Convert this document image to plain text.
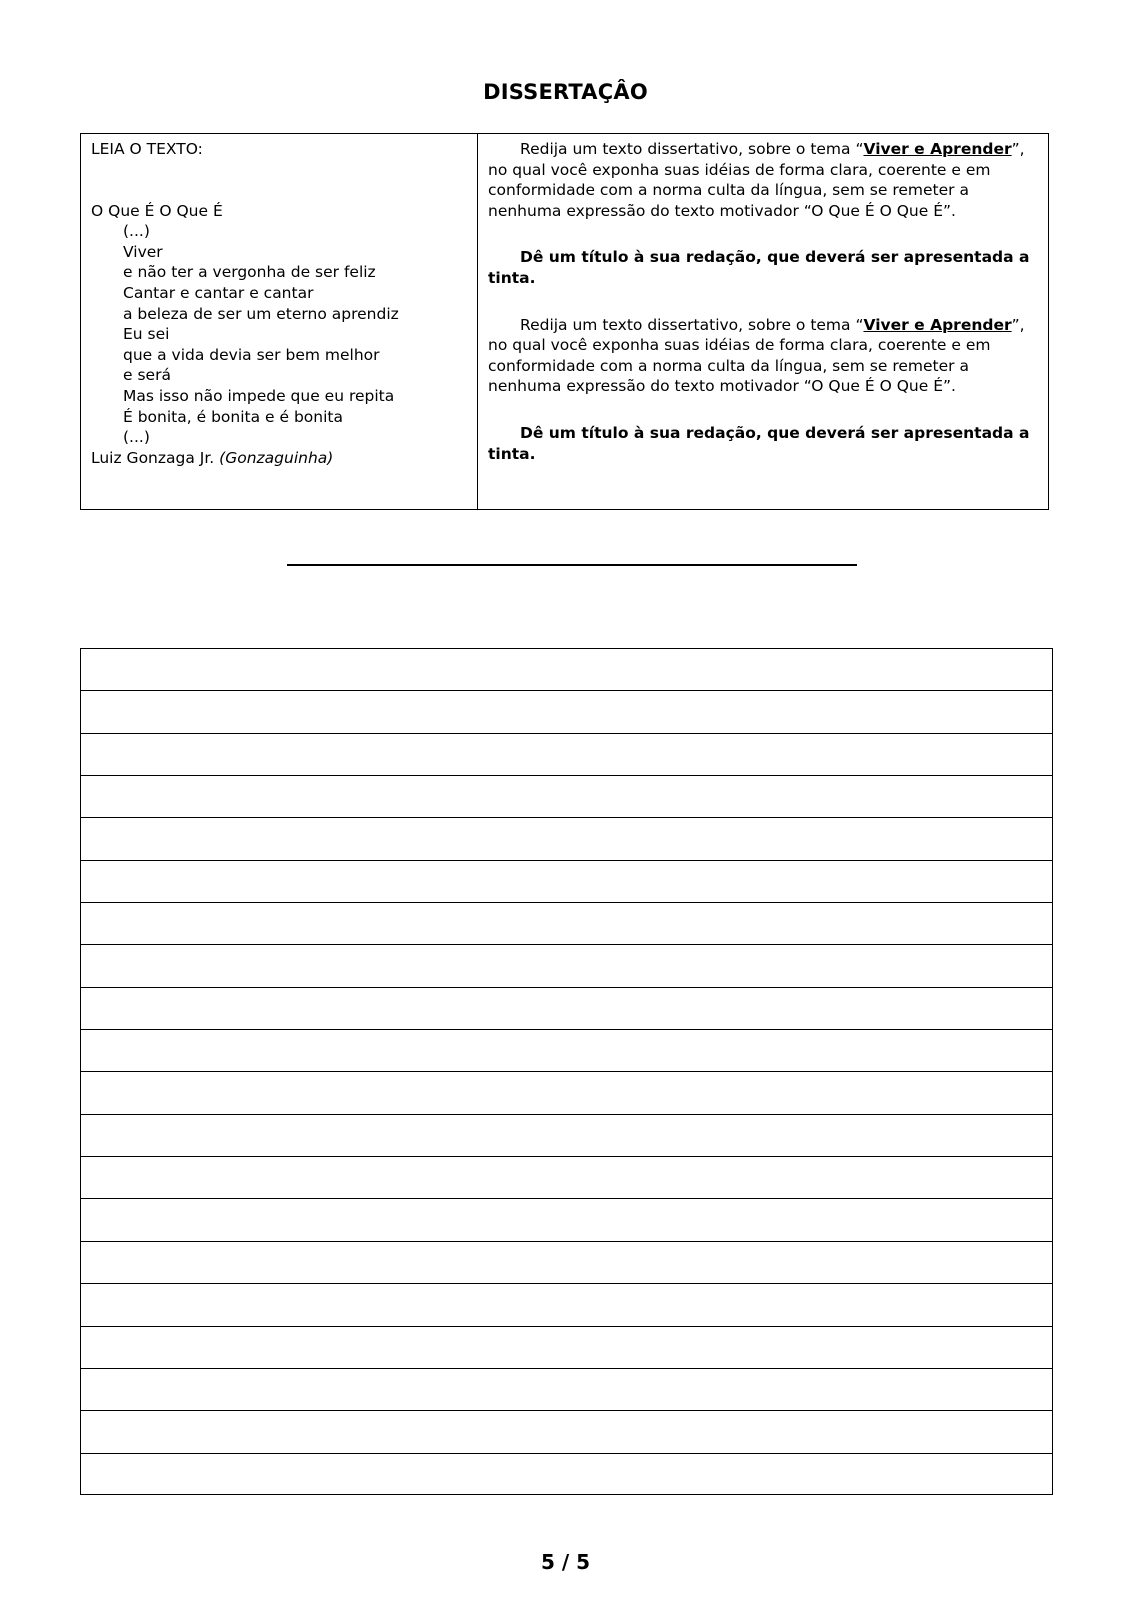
DISSERTAÇÂO

LEIA O TEXTO:

O Que É O Que É

(...)
Viver
e não ter a vergonha de ser feliz
Cantar e cantar e cantar
a beleza de ser um eterno aprendiz
Eu sei
que a vida devia ser bem melhor
e será
Mas isso não impede que eu repita
É bonita, é bonita e é bonita
(...)

Luiz Gonzaga Jr. (Gonzaguinha)

Redija um texto dissertativo, sobre o tema “Viver e Aprender”, no qual você exponha suas idéias de forma clara, coerente e em conformidade com a norma culta da língua, sem se remeter a nenhuma expressão do texto motivador “O Que É O Que É”.

Dê um título à sua redação, que deverá ser apresentada a tinta.

Redija um texto dissertativo, sobre o tema “Viver e Aprender”, no qual você exponha suas idéias de forma clara, coerente e em conformidade com a norma culta da língua, sem se remeter a nenhuma expressão do texto motivador “O Que É O Que É”.

Dê um título à sua redação, que deverá ser apresentada a tinta.

5 / 5
